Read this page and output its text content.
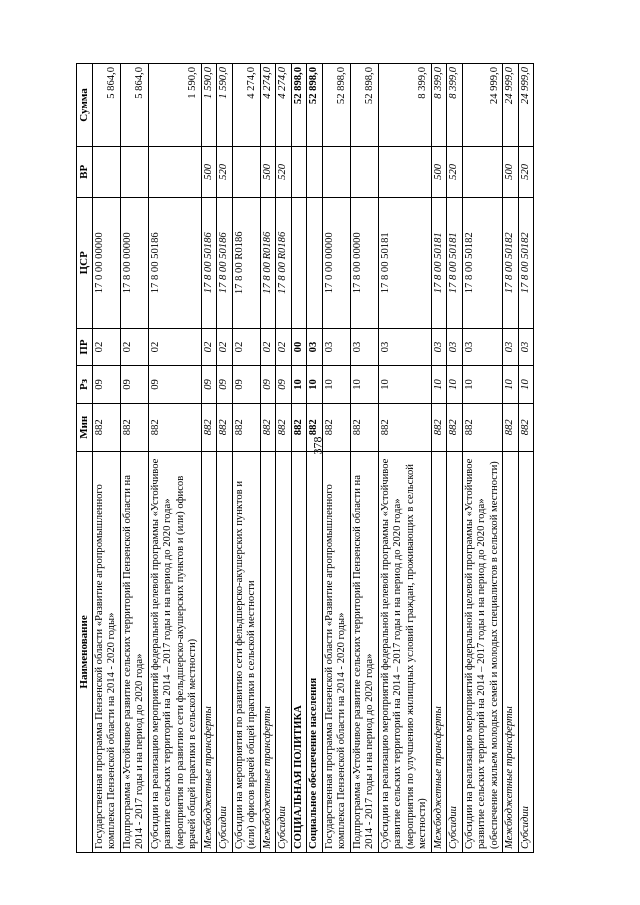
378
Наименование	Мин	Рз	ПР	ЦСР	ВР	Сумма
Государственная программа Пензенской области «Развитие агропромышленного комплекса Пензенской области на 2014 - 2020 годы»	882	09	02	17 0 00 00000		5 864,0
Подпрограмма «Устойчивое развитие сельских территорий Пензенской области на 2014 - 2017 годы и на период до 2020 года»	882	09	02	17 8 00 00000		5 864,0
Субсидии на реализацию мероприятий федеральной целевой программы «Устойчивое развитие сельских территорий на 2014 – 2017 годы и на период до 2020 года» (мероприятия по развитию сети фельдшерско-акушерских пунктов и (или) офисов врачей общей практики в сельской местности)	882	09	02	17 8 00 50186		1 590,0
Межбюджетные трансферты	882	09	02	17 8 00 50186	500	1 590,0
Субсидии	882	09	02	17 8 00 50186	520	1 590,0
Субсидии на мероприятия по развитию сети фельдшерско-акушерских пунктов и (или) офисов врачей общей практики в сельской местности	882	09	02	17 8 00 R0186		4 274,0
Межбюджетные трансферты	882	09	02	17 8 00 R0186	500	4 274,0
Субсидии	882	09	02	17 8 00 R0186	520	4 274,0
СОЦИАЛЬНАЯ ПОЛИТИКА	882	10	00			52 898,0
Социальное обеспечение населения	882	10	03			52 898,0
Государственная программа Пензенской области «Развитие агропромышленного комплекса Пензенской области на 2014 - 2020 годы»	882	10	03	17 0 00 00000		52 898,0
Подпрограмма «Устойчивое развитие сельских территорий Пензенской области на 2014 - 2017 годы и на период до 2020 года»	882	10	03	17 8 00 00000		52 898,0
Субсидии на реализацию мероприятий федеральной целевой программы «Устойчивое развитие сельских территорий на 2014 – 2017 годы и на период до 2020 года» (мероприятия по улучшению жилищных условий граждан, проживающих в сельской местности)	882	10	03	17 8 00 50181		8 399,0
Межбюджетные трансферты	882	10	03	17 8 00 50181	500	8 399,0
Субсидии	882	10	03	17 8 00 50181	520	8 399,0
Субсидии на реализацию мероприятий федеральной целевой программы «Устойчивое развитие сельских территорий на 2014 – 2017 годы и на период до 2020 года» (обеспечение жильем молодых семей и молодых специалистов в сельской местности)	882	10	03	17 8 00 50182		24 999,0
Межбюджетные трансферты	882	10	03	17 8 00 50182	500	24 999,0
Субсидии	882	10	03	17 8 00 50182	520	24 999,0
